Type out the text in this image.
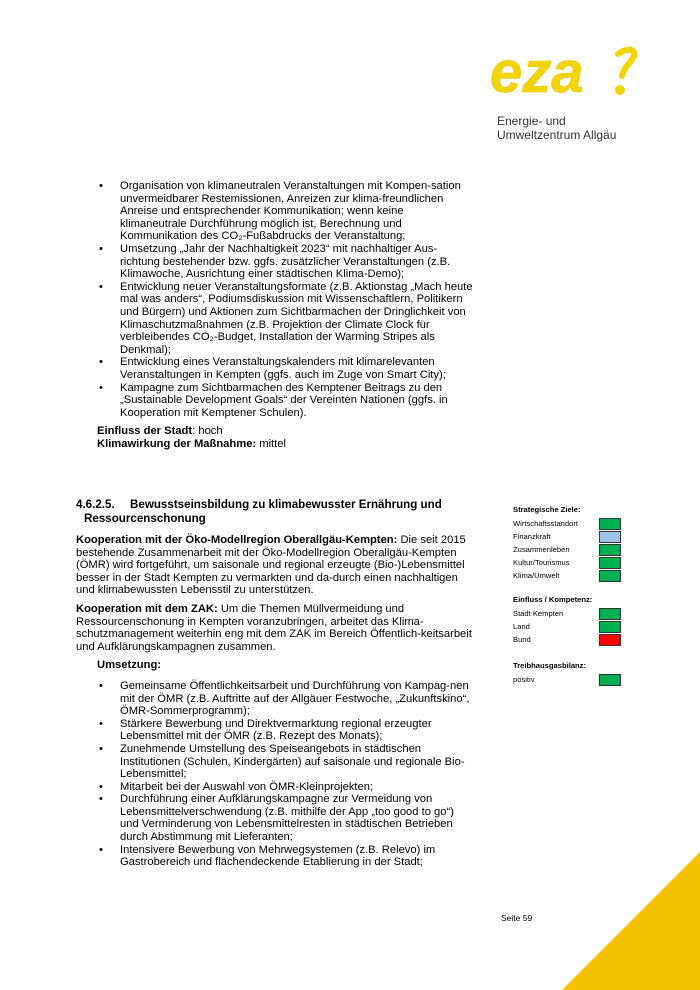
eza
Energie- und
Umweltzentrum Allgäu
• Organisation von klimaneutralen Veranstaltungen mit Kompen-sation unvermeidbarer Restemissionen, Anreizen zur klima-freundlichen Anreise und entsprechender Kommunikation; wenn keine klimaneutrale Durchführung möglich ist, Berechnung und Kommunikation des CO₂-Fußabdrucks der Veranstaltung;
• Umsetzung „Jahr der Nachhaltigkeit 2023“ mit nachhaltiger Aus-richtung bestehender bzw. ggfs. zusätzlicher Veranstaltungen (z.B. Klimawoche, Ausrichtung einer städtischen Klima-Demo);
• Entwicklung neuer Veranstaltungsformate (z.B. Aktionstag „Mach heute mal was anders“, Podiumsdiskussion mit Wissenschaftlern, Politikern und Bürgern) und Aktionen zum Sichtbarmachen der Dringlichkeit von Klimaschutzmaßnahmen (z.B. Projektion der Climate Clock für verbleibendes CO₂-Budget, Installation der Warming Stripes als Denkmal);
• Entwicklung eines Veranstaltungskalenders mit klimarelevanten Veranstaltungen in Kempten (ggfs. auch im Zuge von Smart City);
• Kampagne zum Sichtbarmachen des Kemptener Beitrags zu den „Sustainable Development Goals“ der Vereinten Nationen (ggfs. in Kooperation mit Kemptener Schulen).
Einfluss der Stadt: hoch
Klimawirkung der Maßnahme: mittel
4.6.2.5. Bewusstseinsbildung zu klimabewusster Ernährung und
Ressourcenschonung

Kooperation mit der Öko-Modellregion Oberallgäu-Kempten: Die seit 2015 bestehende Zusammenarbeit mit der Öko-Modellregion Oberallgäu-Kempten (ÖMR) wird fortgeführt, um saisonale und regional erzeugte (Bio-)Lebensmittel besser in der Stadt Kempten zu vermarkten und da-durch einen nachhaltigen und klimabewussten Lebensstil zu unterstützen.

Kooperation mit dem ZAK: Um die Themen Müllvermeidung und Ressourcenschonung in Kempten voranzubringen, arbeitet das Klima-schutzmanagement weiterhin eng mit dem ZAK im Bereich Öffentlich-keitsarbeit und Aufklärungskampagnen zusammen.

Umsetzung:
• Gemeinsame Öffentlichkeitsarbeit und Durchführung von Kampag-nen mit der ÖMR (z.B. Auftritte auf der Allgäuer Festwoche, „Zukunftskino“, ÖMR-Sommerprogramm);
• Stärkere Bewerbung und Direktvermarktung regional erzeugter Lebensmittel mit der ÖMR (z.B. Rezept des Monats);
• Zunehmende Umstellung des Speiseangebots in städtischen Institutionen (Schulen, Kindergärten) auf saisonale und regionale Bio-Lebensmittel;
• Mitarbeit bei der Auswahl von ÖMR-Kleinprojekten;
• Durchführung einer Aufklärungskampagne zur Vermeidung von Lebensmittelverschwendung (z.B. mithilfe der App „too good to go“) und Verminderung von Lebensmittelresten in städtischen Betrieben durch Abstimmung mit Lieferanten;
• Intensivere Bewerbung von Mehrwegsystemen (z.B. Relevo) im Gastrobereich und flächendeckende Etablierung in der Stadt;
Strategische Ziele:
Wirtschaftsstandort
Finanzkraft
Zusammenleben
Kultur/Tourismus
Klima/Umwelt
Einfluss / Kompetenz:
Stadt Kempten
Land
Bund
Treibhausgasbilanz:
positiv
Seite 59
